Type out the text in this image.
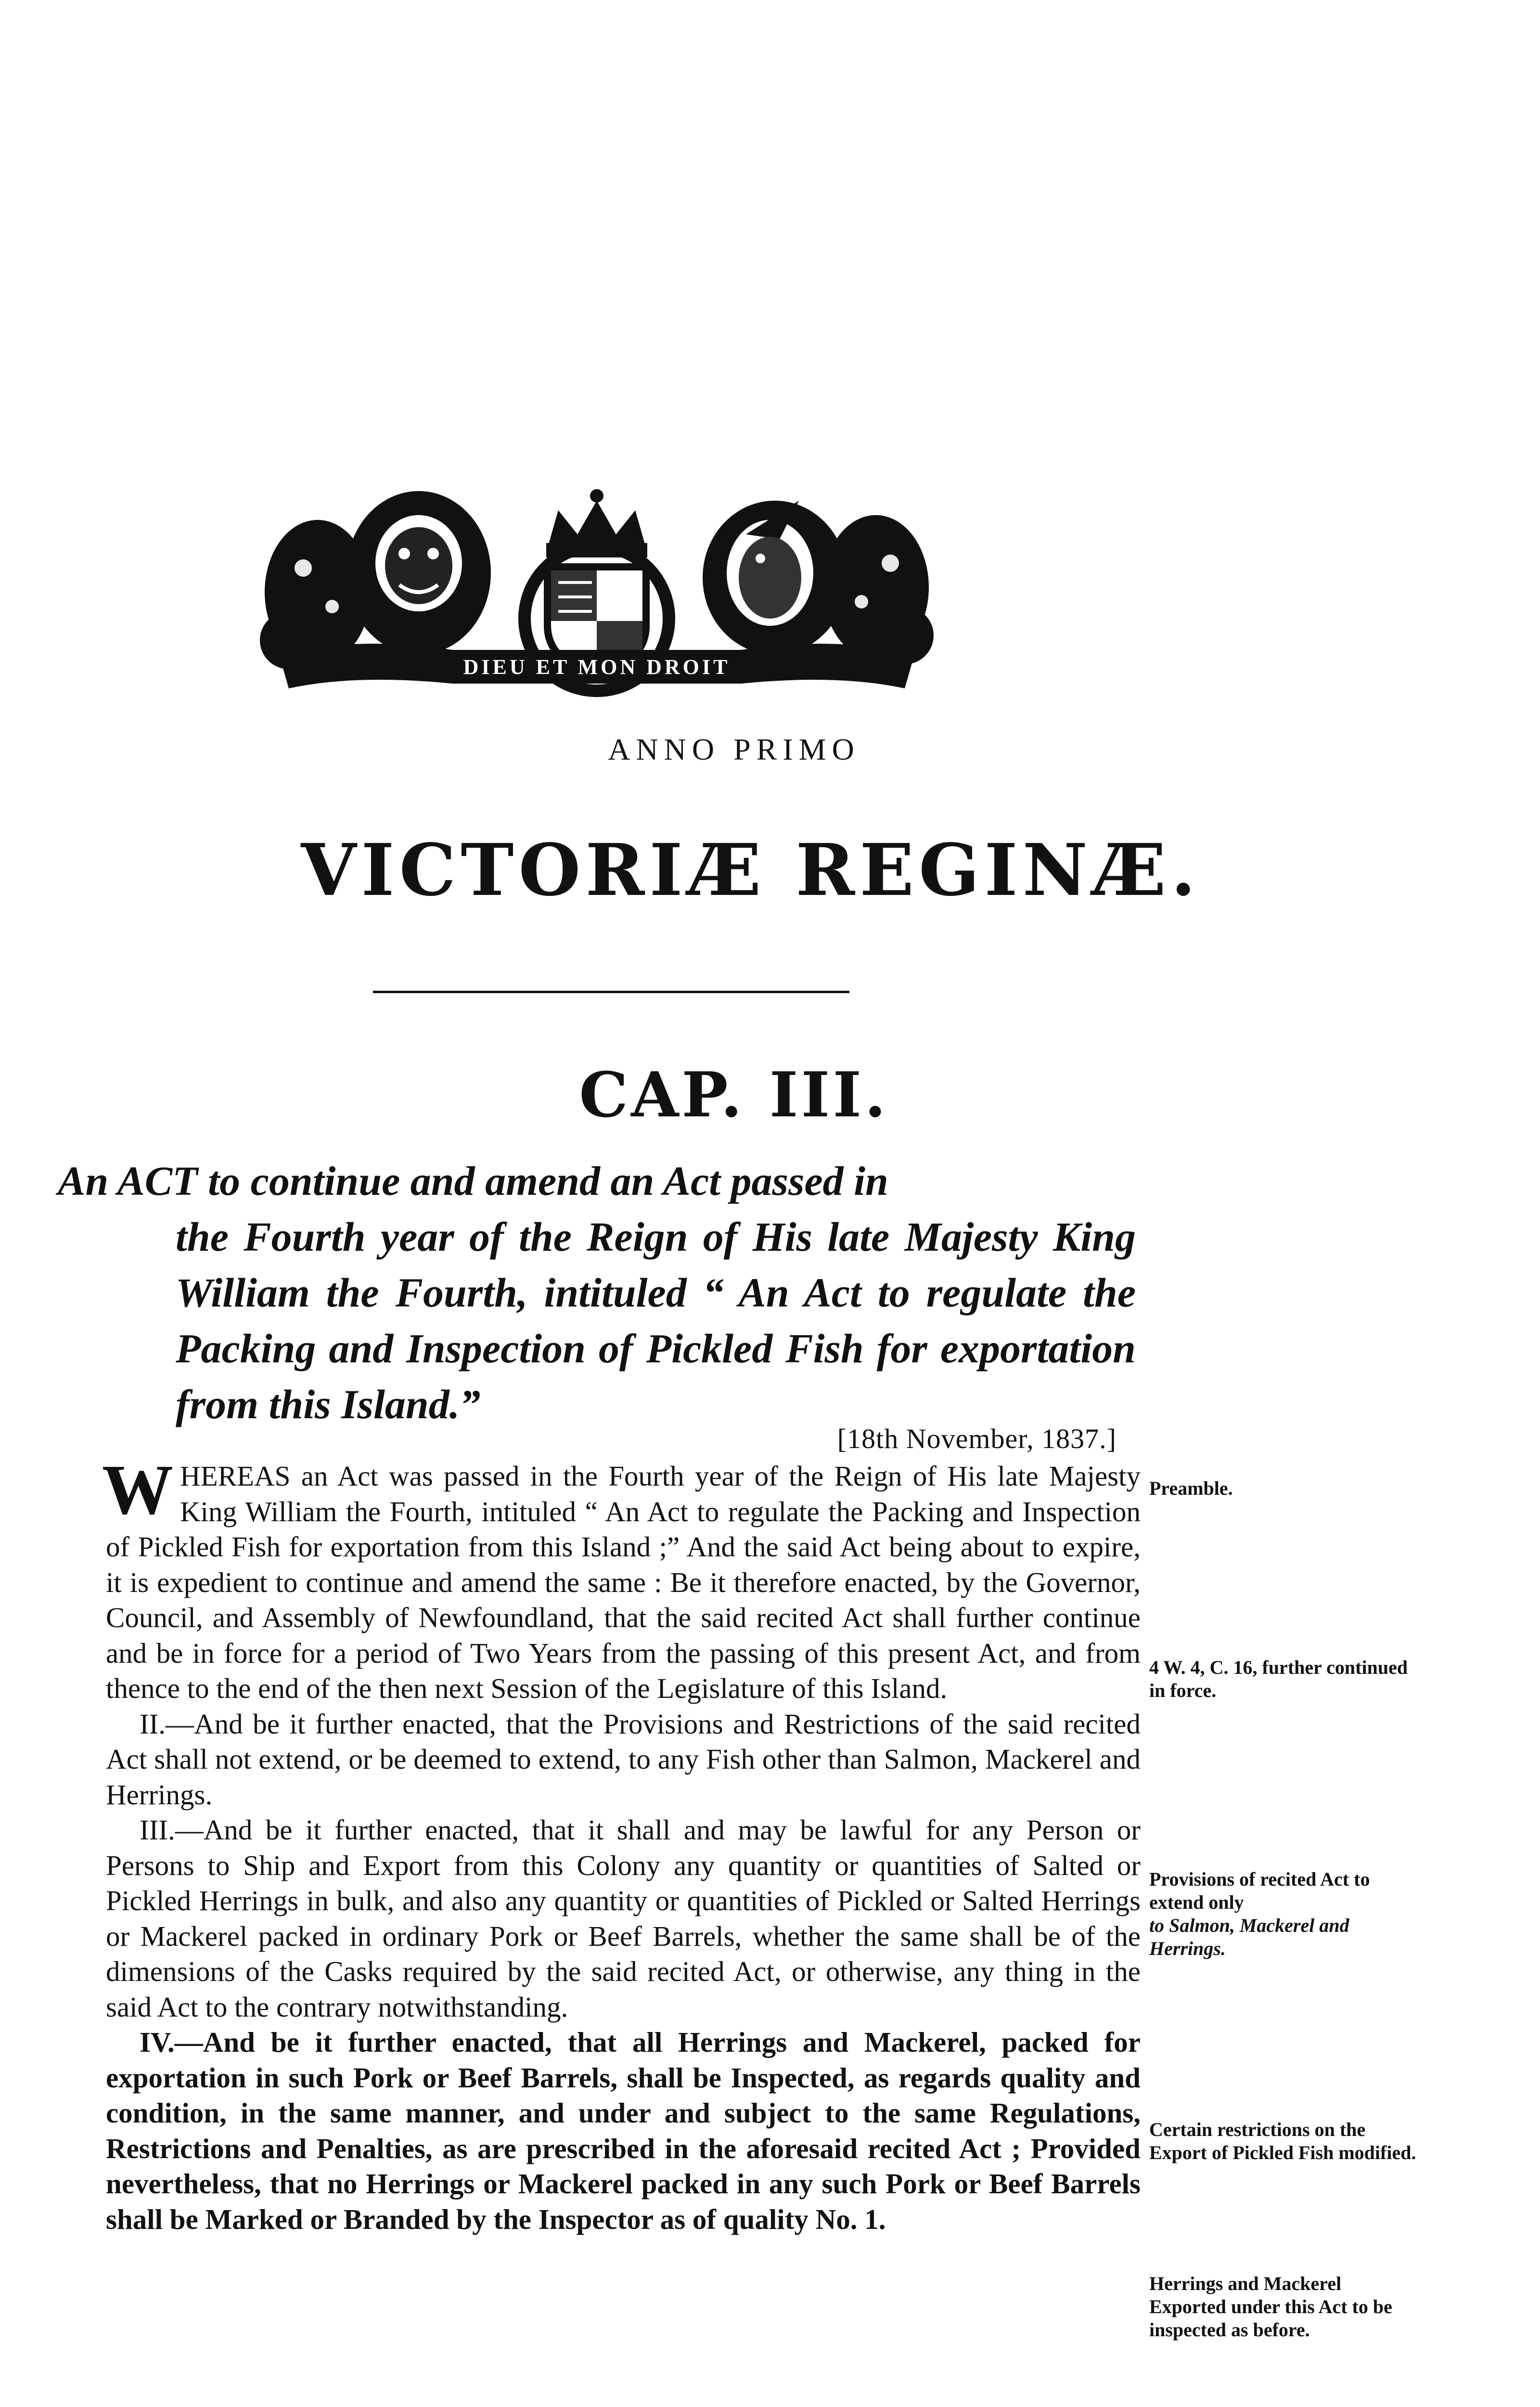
DIEU ET MON DROIT
ANNO PRIMO
VICTORIÆ REGINÆ.
CAP. III.
An ACT to continue and amend an Act passed in
the Fourth year of the Reign of His late Majesty King William the Fourth, intituled “ An Act to regulate the Packing and Inspection of Pickled Fish for exportation from this Island.”
[18th November, 1837.]

WHEREAS an Act was passed in the Fourth year of the Reign of His late Majesty King William the Fourth, intituled “ An Act to regulate the Packing and Inspection of Pickled Fish for exportation from this Island ;” And the said Act being about to expire, it is expedient to continue and amend the same : Be it therefore enacted, by the Governor, Council, and Assembly of Newfoundland, that the said recited Act shall further continue and be in force for a period of Two Years from the passing of this present Act, and from thence to the end of the then next Session of the Legislature of this Island.

II.—And be it further enacted, that the Provisions and Restrictions of the said recited Act shall not extend, or be deemed to extend, to any Fish other than Salmon, Mackerel and Herrings.

III.—And be it further enacted, that it shall and may be lawful for any Person or Persons to Ship and Export from this Colony any quantity or quantities of Salted or Pickled Herrings in bulk, and also any quantity or quantities of Pickled or Salted Herrings or Mackerel packed in ordinary Pork or Beef Barrels, whether the same shall be of the dimensions of the Casks required by the said recited Act, or otherwise, any thing in the said Act to the contrary notwithstanding.

IV.—And be it further enacted, that all Herrings and Mackerel, packed for exportation in such Pork or Beef Barrels, shall be Inspected, as regards quality and condition, in the same manner, and under and subject to the same Regulations, Restrictions and Penalties, as are prescribed in the aforesaid recited Act ; Provided nevertheless, that no Herrings or Mackerel packed in any such Pork or Beef Barrels shall be Marked or Branded by the Inspector as of quality No. 1.

Preamble.
4 W. 4, C. 16, further continued in force.
Provisions of recited Act to extend only
to Salmon, Mackerel and Herrings.
Certain restrictions on the Export of Pickled Fish modified.
Herrings and Mackerel Exported under this Act to be inspected as before.
